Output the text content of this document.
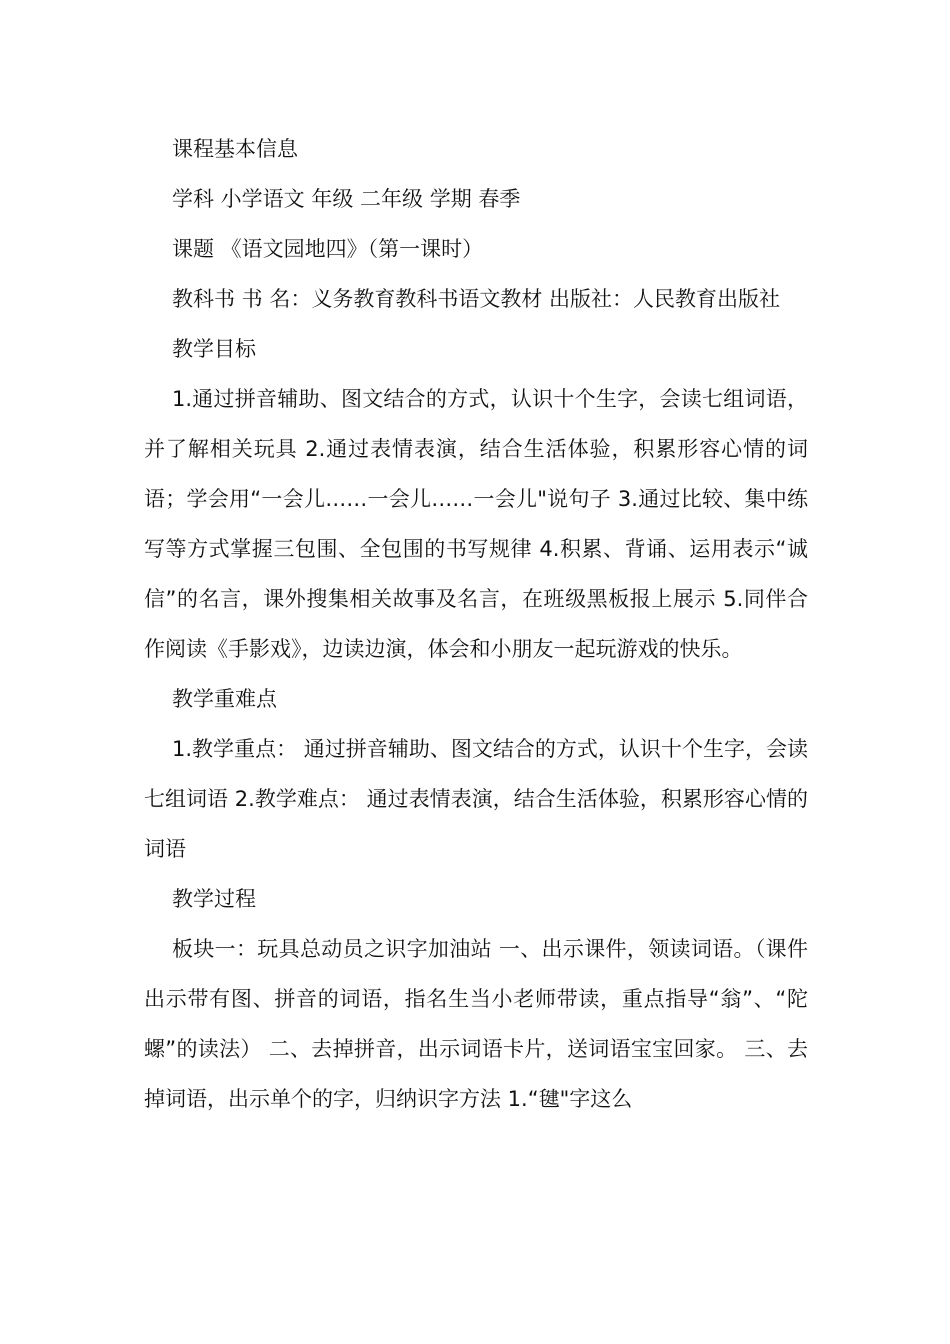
课程基本信息

学科 小学语文 年级 二年级 学期 春季

课题 《语文园地四》（第一课时）

教科书 书 名：义务教育教科书语文教材 出版社：人民教育出版社

教学目标

1.通过拼音辅助、图文结合的方式，认识十个生字，会读七组词语，并了解相关玩具 2.通过表情表演，结合生活体验，积累形容心情的词语；学会用“一会儿……一会儿……一会儿"说句子 3.通过比较、集中练写等方式掌握三包围、全包围的书写规律 4.积累、背诵、运用表示“诚信”的名言，课外搜集相关故事及名言，在班级黑板报上展示 5.同伴合作阅读《手影戏》，边读边演，体会和小朋友一起玩游戏的快乐。

教学重难点

1.教学重点： 通过拼音辅助、图文结合的方式，认识十个生字，会读七组词语 2.教学难点： 通过表情表演，结合生活体验，积累形容心情的词语

教学过程

板块一：玩具总动员之识字加油站 一、出示课件，领读词语。（课件出示带有图、拼音的词语，指名生当小老师带读，重点指导“翁”、“陀螺”的读法） 二、去掉拼音，出示词语卡片，送词语宝宝回家。 三、去掉词语，出示单个的字，归纳识字方法 1.“毽"字这么
